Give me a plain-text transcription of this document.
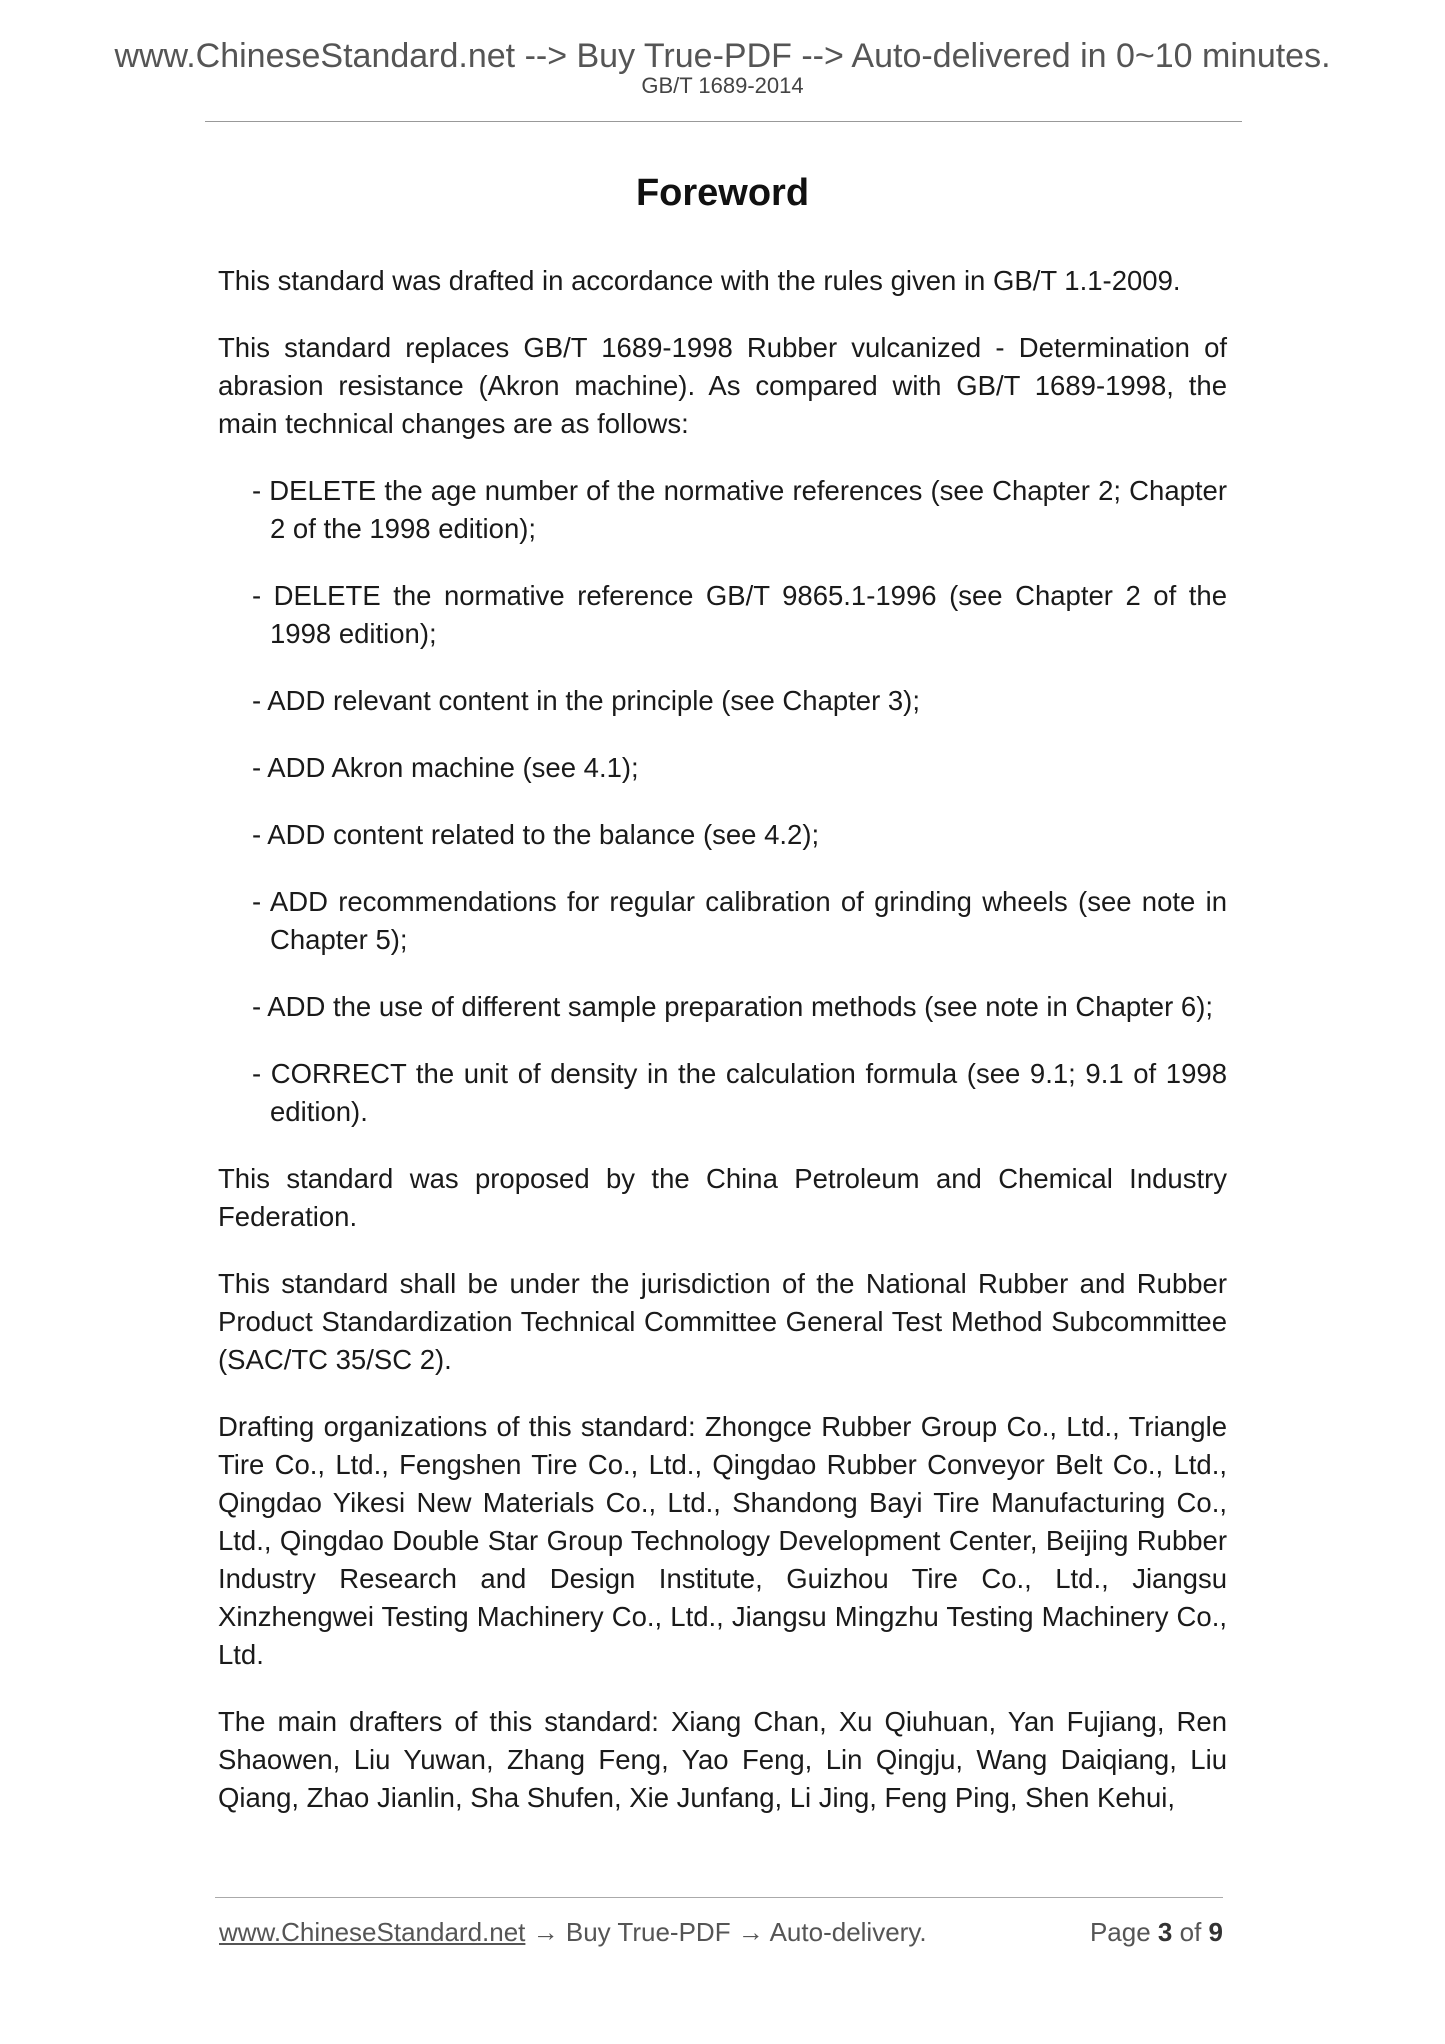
www.ChineseStandard.net --> Buy True-PDF --> Auto-delivered in 0~10 minutes.
GB/T 1689-2014
Foreword

This standard was drafted in accordance with the rules given in GB/T 1.1-2009.

This standard replaces GB/T 1689-1998 Rubber vulcanized - Determination of abrasion resistance (Akron machine). As compared with GB/T 1689-1998, the main technical changes are as follows:

- DELETE the age number of the normative references (see Chapter 2; Chapter 2 of the 1998 edition);
- DELETE the normative reference GB/T 9865.1-1996 (see Chapter 2 of the 1998 edition);
- ADD relevant content in the principle (see Chapter 3);
- ADD Akron machine (see 4.1);
- ADD content related to the balance (see 4.2);
- ADD recommendations for regular calibration of grinding wheels (see note in Chapter 5);
- ADD the use of different sample preparation methods (see note in Chapter 6);
- CORRECT the unit of density in the calculation formula (see 9.1; 9.1 of 1998 edition).

This standard was proposed by the China Petroleum and Chemical Industry Federation.

This standard shall be under the jurisdiction of the National Rubber and Rubber Product Standardization Technical Committee General Test Method Subcommittee (SAC/TC 35/SC 2).

Drafting organizations of this standard: Zhongce Rubber Group Co., Ltd., Triangle Tire Co., Ltd., Fengshen Tire Co., Ltd., Qingdao Rubber Conveyor Belt Co., Ltd., Qingdao Yikesi New Materials Co., Ltd., Shandong Bayi Tire Manufacturing Co., Ltd., Qingdao Double Star Group Technology Development Center, Beijing Rubber Industry Research and Design Institute, Guizhou Tire Co., Ltd., Jiangsu Xinzhengwei Testing Machinery Co., Ltd., Jiangsu Mingzhu Testing Machinery Co., Ltd.

The main drafters of this standard: Xiang Chan, Xu Qiuhuan, Yan Fujiang, Ren Shaowen, Liu Yuwan, Zhang Feng, Yao Feng, Lin Qingju, Wang Daiqiang, Liu Qiang, Zhao Jianlin, Sha Shufen, Xie Junfang, Li Jing, Feng Ping, Shen Kehui,

www.ChineseStandard.net → Buy True-PDF → Auto-delivery.	Page 3 of 9
